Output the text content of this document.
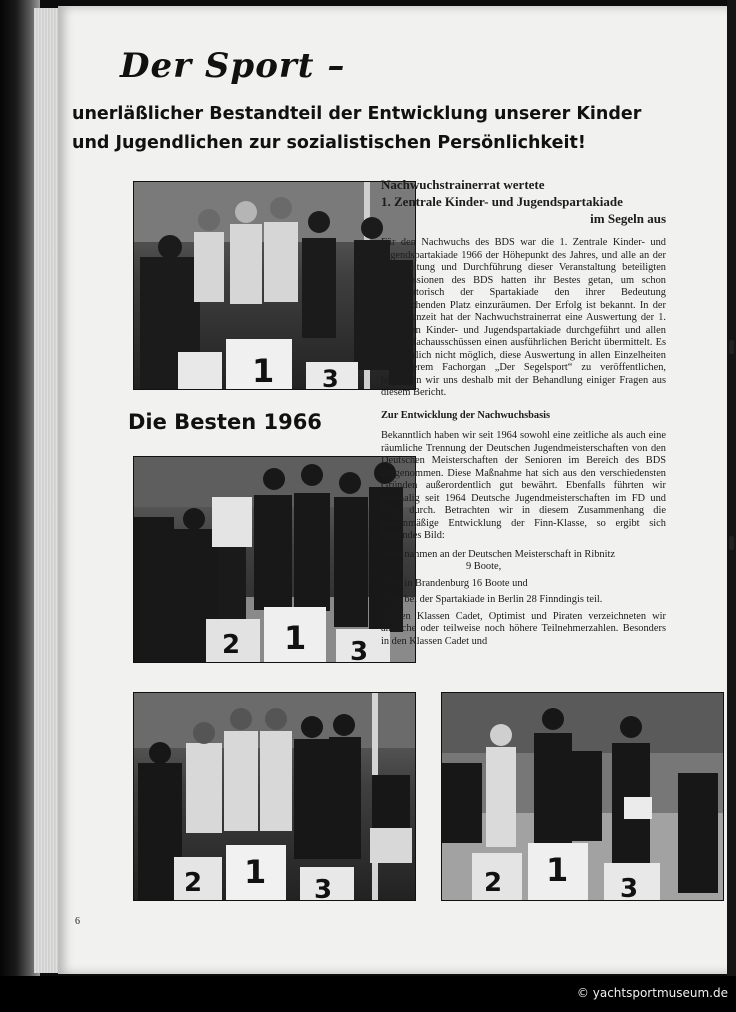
Der Sport –

unerläßlicher Bestandteil der Entwicklung unserer Kinder und Jugendlichen zur sozialistischen Persönlichkeit!

1 3
Die Besten 1966
2 1 3
2 1 3	2 1 3
Nachwuchstrainerrat wertete
1. Zentrale Kinder- und Jugendspartakiade
im Segeln aus

Für den Nachwuchs des BDS war die 1. Zentrale Kinder- und Jugendspartakiade 1966 der Höhepunkt des Jahres, und alle an der Vorbereitung und Durchführung dieser Veranstaltung beteiligten Kommissionen des BDS hatten ihr Bestes getan, um schon organisatorisch der Spartakiade den ihrer Bedeutung entsprechenden Platz einzuräumen. Der Erfolg ist bekannt. In der Zwischenzeit hat der Nachwuchstrainerrat eine Auswertung der 1. Zentralen Kinder- und Jugendspartakiade durchgeführt und allen Bezirksfachausschüssen einen ausführlichen Bericht übermittelt. Es ist natürlich nicht möglich, diese Auswertung in allen Einzelheiten in unserem Fachorgan „Der Segelsport“ zu veröffentlichen, begnügen wir uns deshalb mit der Behandlung einiger Fragen aus diesem Bericht.

Zur Entwicklung der Nachwuchsbasis

Bekanntlich haben wir seit 1964 sowohl eine zeitliche als auch eine räumliche Trennung der Deutschen Jugendmeisterschaften von den Deutschen Meisterschaften der Senioren im Bereich des BDS vorgenommen. Diese Maßnahme hat sich aus den verschiedensten Gründen außerordentlich gut bewährt. Ebenfalls führten wir erstmalig seit 1964 Deutsche Jugendmeisterschaften im FD und Finn durch. Betrachten wir in diesem Zusammenhang die zahlenmäßige Entwicklung der Finn-Klasse, so ergibt sich folgendes Bild:

1964 nahmen an der Deutschen Meisterschaft in Ribnitz
9 Boote,
1965 in Brandenburg 16 Boote und
1966 bei der Spartakiade in Berlin 28 Finndingis teil.

In den Klassen Cadet, Optimist und Piraten verzeichneten wir ähnliche oder teilweise noch höhere Teilnehmerzahlen. Besonders in den Klassen Cadet und

6
© yachtsportmuseum.de
